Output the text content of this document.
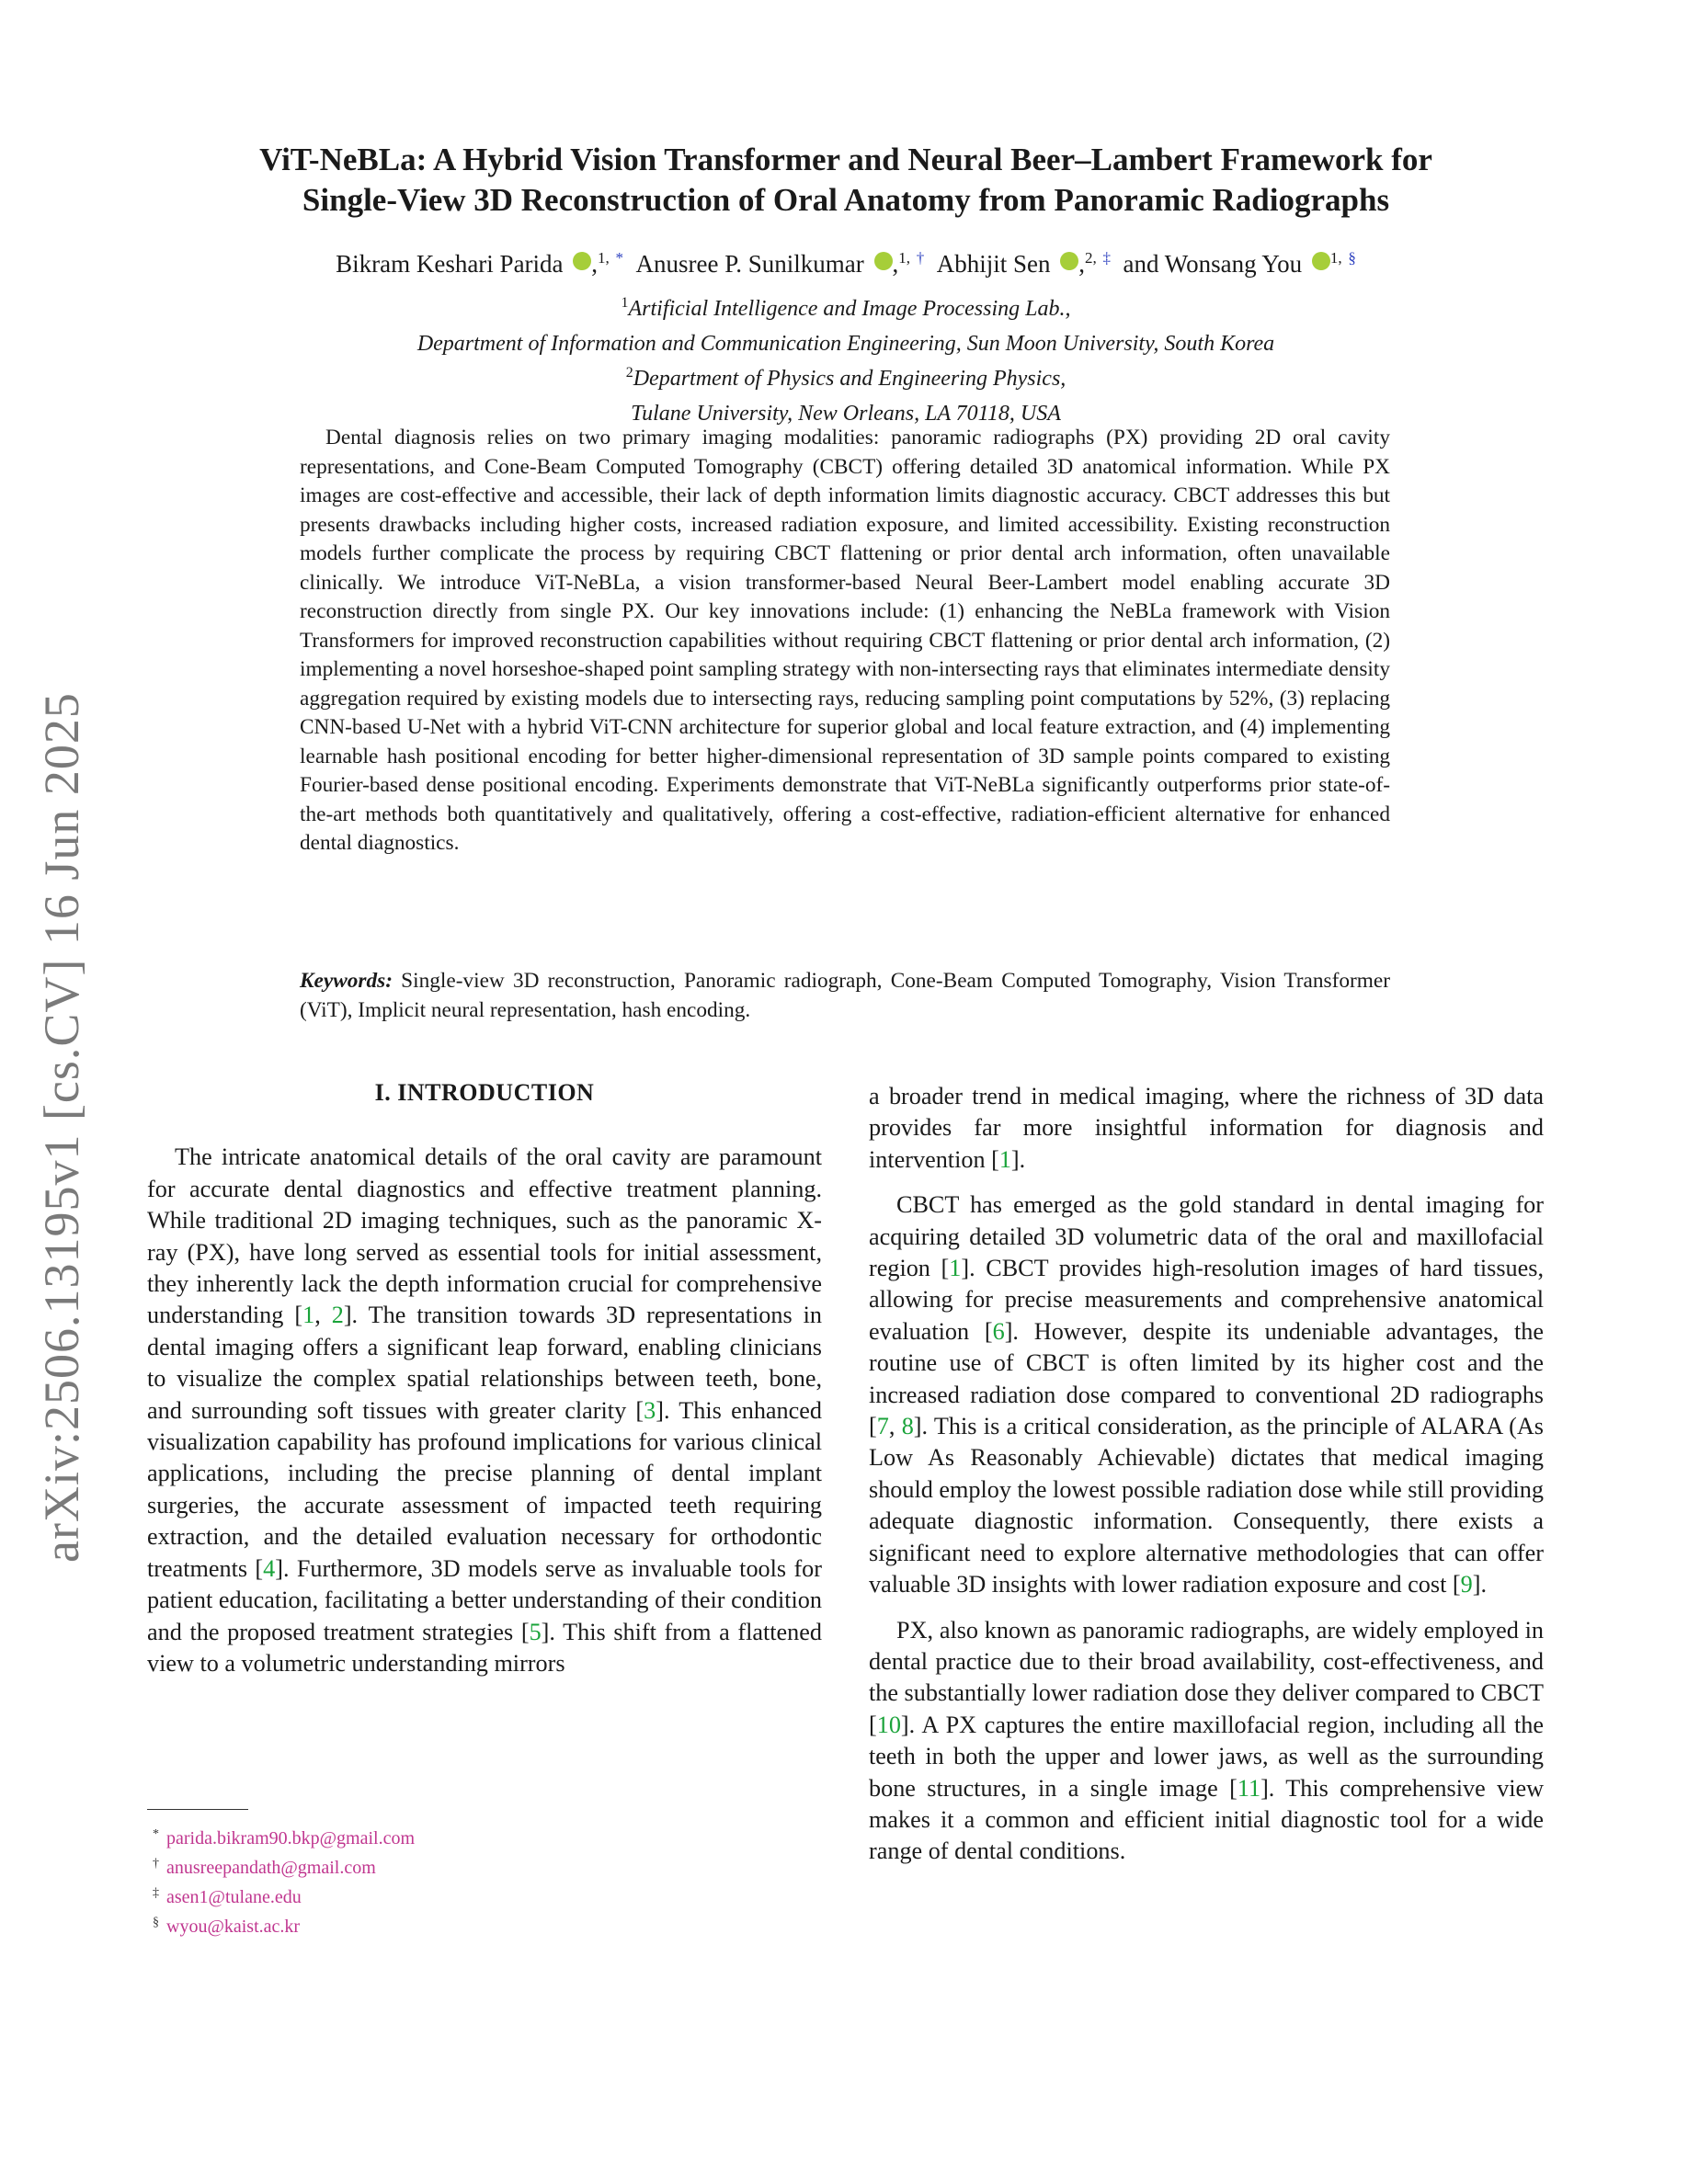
arXiv:2506.13195v1 [cs.CV] 16 Jun 2025
ViT-NeBLa: A Hybrid Vision Transformer and Neural Beer–Lambert Framework for
Single-View 3D Reconstruction of Oral Anatomy from Panoramic Radiographs
Bikram Keshari Parida ,$^{1,}$ * Anusree P. Sunilkumar ,$^{1,}$ † Abhijit Sen ,$^{2,}$ ‡ and Wonsang You $^{1,}$ §
$^1$Artificial Intelligence and Image Processing Lab.,
Department of Information and Communication Engineering, Sun Moon University, South Korea
$^2$Department of Physics and Engineering Physics,
Tulane University, New Orleans, LA 70118, USA
Dental diagnosis relies on two primary imaging modalities: panoramic radiographs (PX) providing 2D oral cavity representations, and Cone-Beam Computed Tomography (CBCT) offering detailed 3D anatomical information. While PX images are cost-effective and accessible, their lack of depth information limits diagnostic accuracy. CBCT addresses this but presents drawbacks including higher costs, increased radiation exposure, and limited accessibility. Existing reconstruction models further complicate the process by requiring CBCT flattening or prior dental arch information, often unavailable clinically. We introduce ViT-NeBLa, a vision transformer-based Neural Beer-Lambert model enabling accurate 3D reconstruction directly from single PX. Our key innovations include: (1) enhancing the NeBLa framework with Vision Transformers for improved reconstruction capabilities without requiring CBCT flattening or prior dental arch information, (2) implementing a novel horseshoe-shaped point sampling strategy with non-intersecting rays that eliminates intermediate density aggregation required by existing models due to intersecting rays, reducing sampling point computations by 52%, (3) replacing CNN-based U-Net with a hybrid ViT-CNN architecture for superior global and local feature extraction, and (4) implementing learnable hash positional encoding for better higher-dimensional representation of 3D sample points compared to existing Fourier-based dense positional encoding. Experiments demonstrate that ViT-NeBLa significantly outperforms prior state-of-the-art methods both quantitatively and qualitatively, offering a cost-effective, radiation-efficient alternative for enhanced dental diagnostics.
Keywords: Single-view 3D reconstruction, Panoramic radiograph, Cone-Beam Computed Tomography, Vision Transformer (ViT), Implicit neural representation, hash encoding.
I. INTRODUCTION

The intricate anatomical details of the oral cavity are paramount for accurate dental diagnostics and effective treatment planning. While traditional 2D imaging techniques, such as the panoramic X-ray (PX), have long served as essential tools for initial assessment, they inherently lack the depth information crucial for comprehensive understanding [1, 2]. The transition towards 3D representations in dental imaging offers a significant leap forward, enabling clinicians to visualize the complex spatial relationships between teeth, bone, and surrounding soft tissues with greater clarity [3]. This enhanced visualization capability has profound implications for various clinical applications, including the precise planning of dental implant surgeries, the accurate assessment of impacted teeth requiring extraction, and the detailed evaluation necessary for orthodontic treatments [4]. Furthermore, 3D models serve as invaluable tools for patient education, facilitating a better understanding of their condition and the proposed treatment strategies [5]. This shift from a flattened view to a volumetric understanding mirrors

a broader trend in medical imaging, where the richness of 3D data provides far more insightful information for diagnosis and intervention [1].

CBCT has emerged as the gold standard in dental imaging for acquiring detailed 3D volumetric data of the oral and maxillofacial region [1]. CBCT provides high-resolution images of hard tissues, allowing for precise measurements and comprehensive anatomical evaluation [6]. However, despite its undeniable advantages, the routine use of CBCT is often limited by its higher cost and the increased radiation dose compared to conventional 2D radiographs [7, 8]. This is a critical consideration, as the principle of ALARA (As Low As Reasonably Achievable) dictates that medical imaging should employ the lowest possible radiation dose while still providing adequate diagnostic information. Consequently, there exists a significant need to explore alternative methodologies that can offer valuable 3D insights with lower radiation exposure and cost [9].

PX, also known as panoramic radiographs, are widely employed in dental practice due to their broad availability, cost-effectiveness, and the substantially lower radiation dose they deliver compared to CBCT [10]. A PX captures the entire maxillofacial region, including all the teeth in both the upper and lower jaws, as well as the surrounding bone structures, in a single image [11]. This comprehensive view makes it a common and efficient initial diagnostic tool for a wide range of dental conditions.

* parida.bikram90.bkp@gmail.com
† anusreepandath@gmail.com
‡ asen1@tulane.edu
§ wyou@kaist.ac.kr
